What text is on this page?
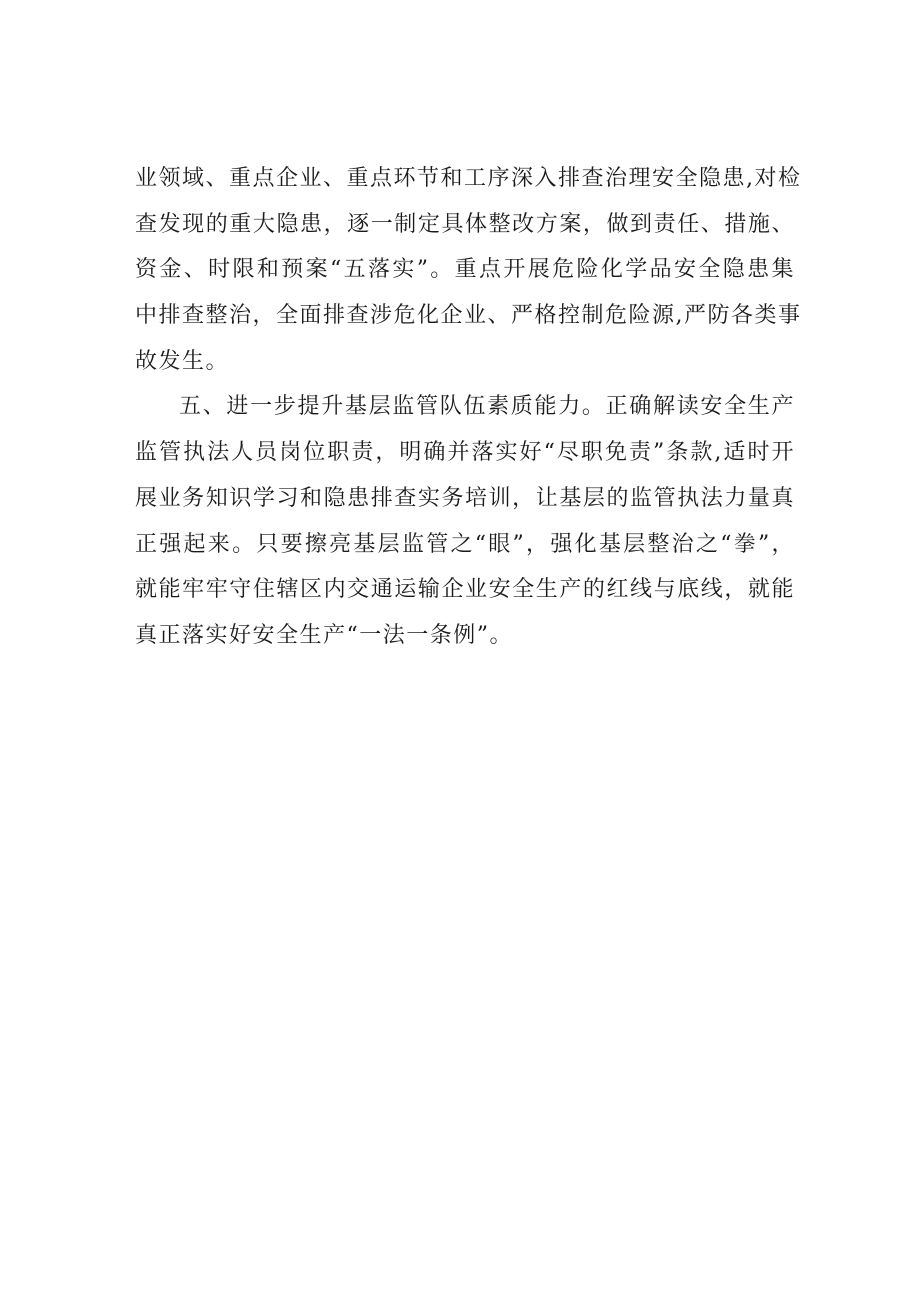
业领域、重点企业、重点环节和工序深入排查治理安全隐患,对检
查发现的重大隐患，逐一制定具体整改方案，做到责任、措施、
资金、时限和预案“五落实”。重点开展危险化学品安全隐患集
中排查整治，全面排查涉危化企业、严格控制危险源,严防各类事
故发生。
五、进一步提升基层监管队伍素质能力。正确解读安全生产
监管执法人员岗位职责，明确并落实好“尽职免责”条款,适时开
展业务知识学习和隐患排查实务培训，让基层的监管执法力量真
正强起来。只要擦亮基层监管之“眼”，强化基层整治之“拳”，
就能牢牢守住辖区内交通运输企业安全生产的红线与底线，就能
真正落实好安全生产“一法一条例”。
